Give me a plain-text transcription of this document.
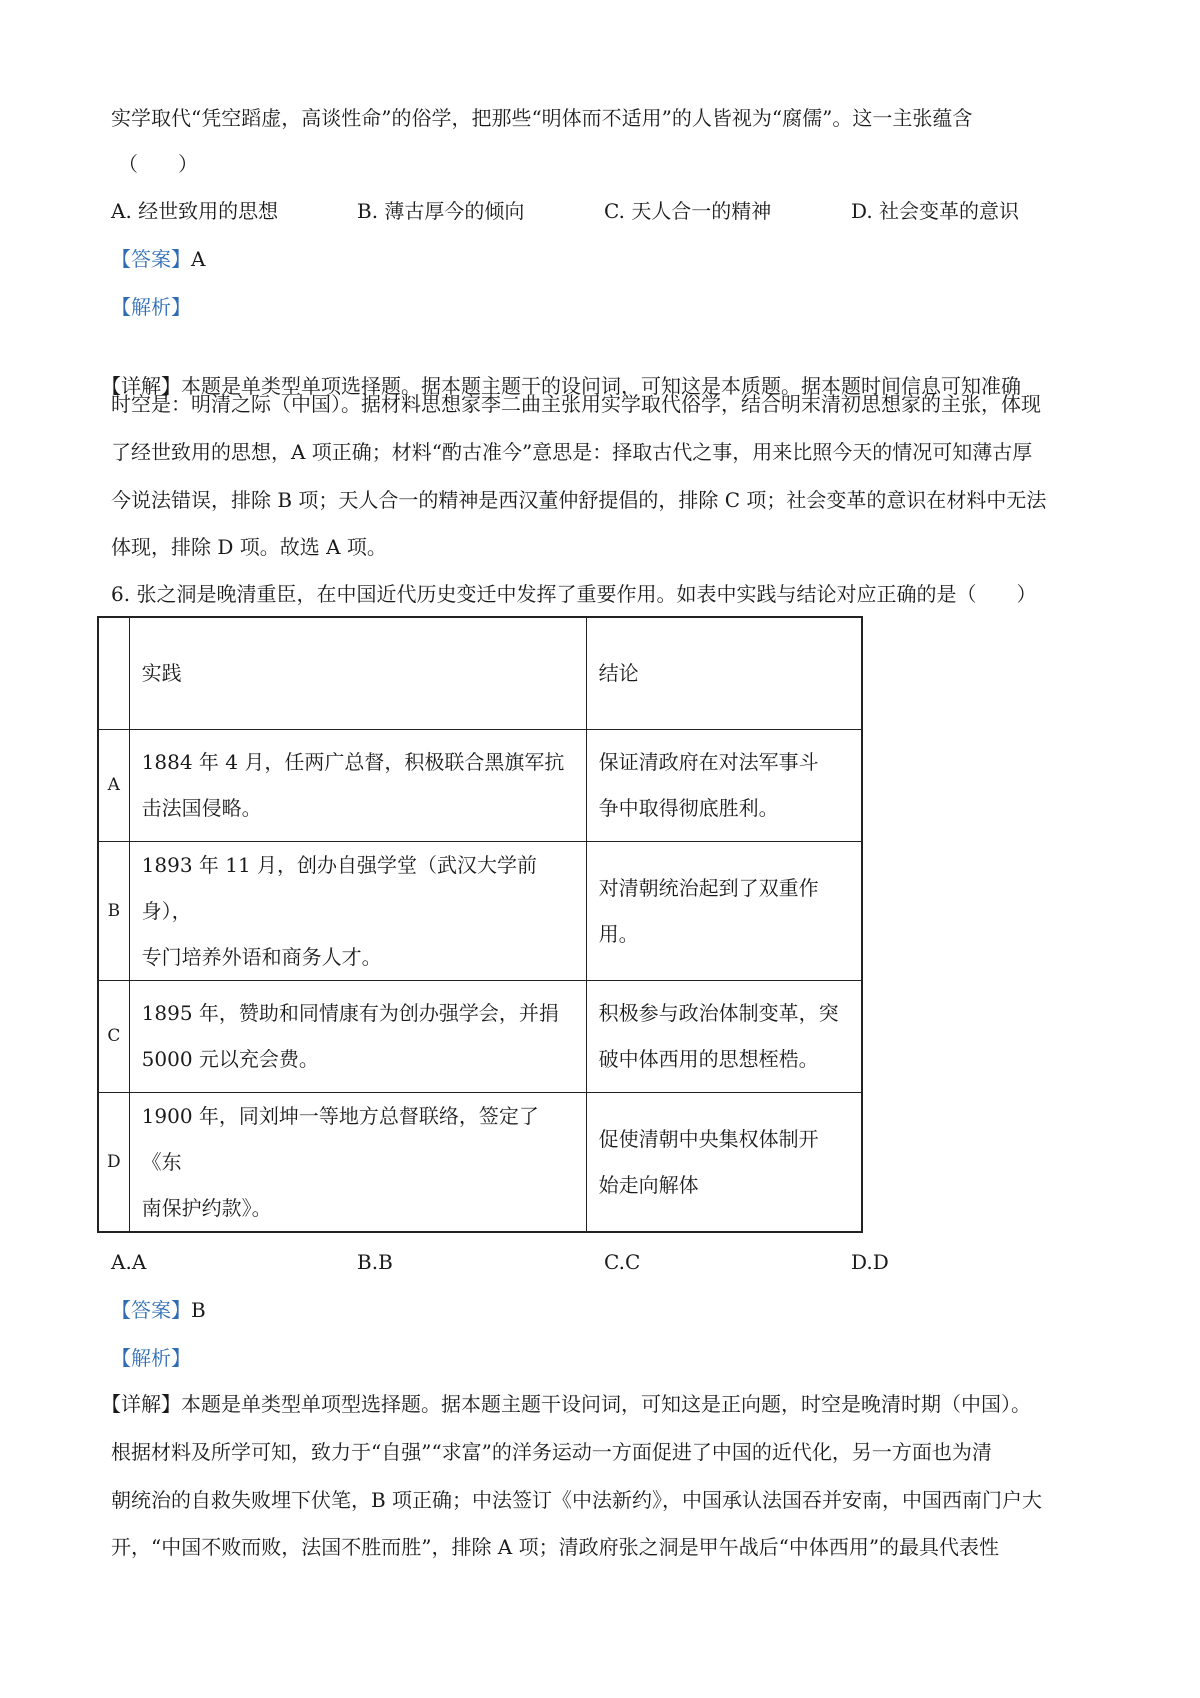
实学取代“凭空蹈虚，高谈性命”的俗学，把那些“明体而不适用”的人皆视为“腐儒”。这一主张蕴含
（　　）
A. 经世致用的思想	B. 薄古厚今的倾向	C. 天人合一的精神	D. 社会变革的意识
【答案】A
【解析】
【详解】本题是单类型单项选择题。据本题主题干的设问词，可知这是本质题。据本题时间信息可知准确
时空是：明清之际（中国）。据材料思想家李二曲主张用实学取代俗学，结合明末清初思想家的主张，体现
了经世致用的思想，A 项正确；材料“酌古准今”意思是：择取古代之事，用来比照今天的情况可知薄古厚
今说法错误，排除 B 项；天人合一的精神是西汉董仲舒提倡的，排除 C 项；社会变革的意识在材料中无法
体现，排除 D 项。故选 A 项。
6. 张之洞是晚清重臣，在中国近代历史变迁中发挥了重要作用。如表中实践与结论对应正确的是（　　）
	实践	结论
A	1884 年 4 月，任两广总督，积极联合黑旗军抗
击法国侵略。	保证清政府在对法军事斗
争中取得彻底胜利。
B	1893 年 11 月，创办自强学堂（武汉大学前身），
专门培养外语和商务人才。	对清朝统治起到了双重作
用。
C	1895 年，赞助和同情康有为创办强学会，并捐
5000 元以充会费。	积极参与政治体制变革，突
破中体西用的思想桎梏。
D	1900 年，同刘坤一等地方总督联络，签定了《东
南保护约款》。	促使清朝中央集权体制开
始走向解体
A.A	B.B	C.C	D.D
【答案】B
【解析】
【详解】本题是单类型单项型选择题。据本题主题干设问词，可知这是正向题，时空是晚清时期（中国）。
根据材料及所学可知，致力于“自强”“求富”的洋务运动一方面促进了中国的近代化，另一方面也为清
朝统治的自救失败埋下伏笔，B 项正确；中法签订《中法新约》，中国承认法国吞并安南，中国西南门户大
开，“中国不败而败，法国不胜而胜”，排除 A 项；清政府张之洞是甲午战后“中体西用”的最具代表性
